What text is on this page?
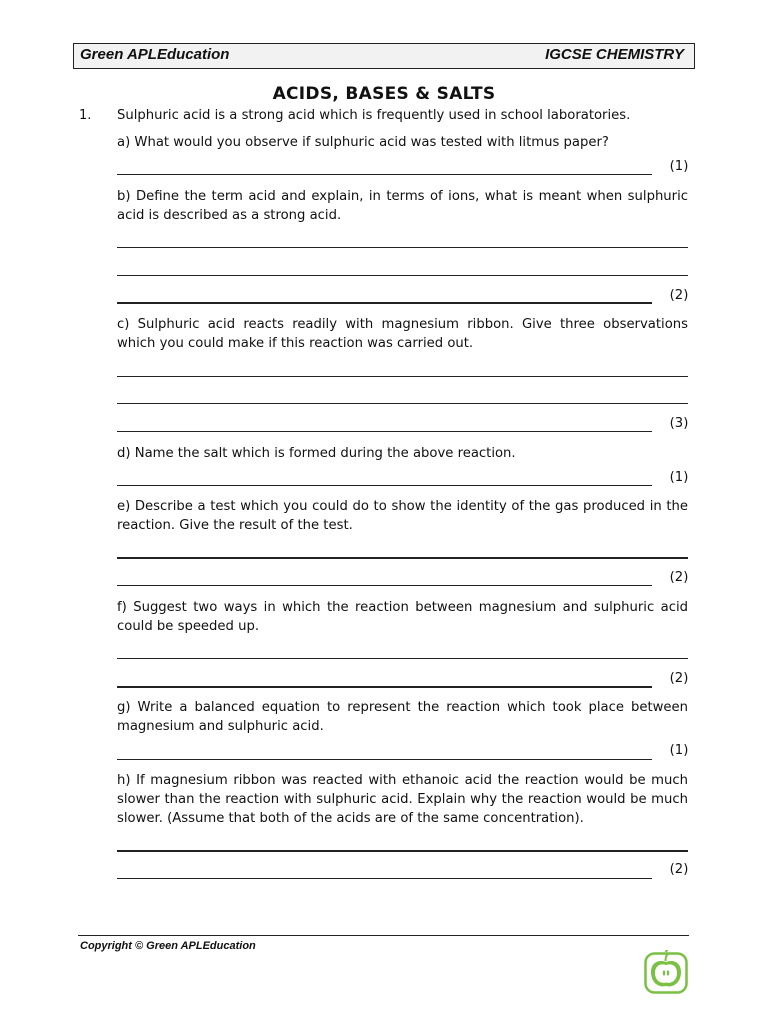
Green APLEducation	IGCSE CHEMISTRY
ACIDS, BASES & SALTS
1. Sulphuric acid is a strong acid which is frequently used in school laboratories.
a) What would you observe if sulphuric acid was tested with litmus paper?
(1)
b) Define the term acid and explain, in terms of ions, what is meant when sulphuric acid is described as a strong acid.
(2)
c) Sulphuric acid reacts readily with magnesium ribbon. Give three observations which you could make if this reaction was carried out.
(3)
d) Name the salt which is formed during the above reaction.
(1)
e) Describe a test which you could do to show the identity of the gas produced in the reaction. Give the result of the test.
(2)
f) Suggest two ways in which the reaction between magnesium and sulphuric acid could be speeded up.
(2)
g) Write a balanced equation to represent the reaction which took place between magnesium and sulphuric acid.
(1)
h) If magnesium ribbon was reacted with ethanoic acid the reaction would be much slower than the reaction with sulphuric acid. Explain why the reaction would be much slower. (Assume that both of the acids are of the same concentration).
(2)
Copyright © Green APLEducation
